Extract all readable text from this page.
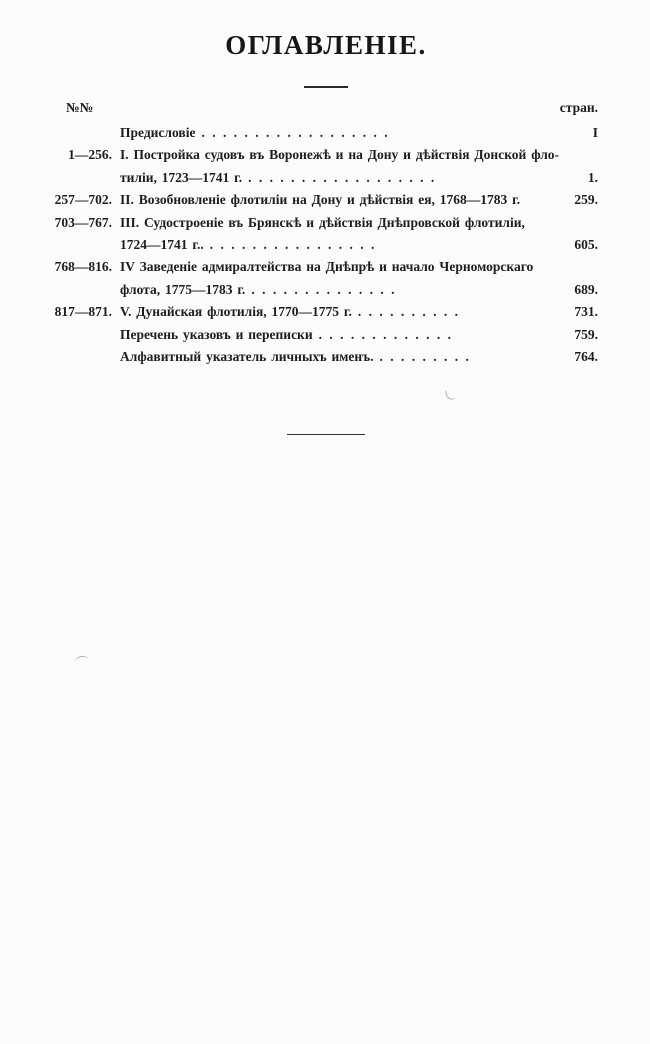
ОГЛАВЛЕНІЕ.
№№	стран.
Предисловіе . . . . . . . . . . . . . . . . . .	I
1—256. I. Постройка судовъ въ Воронежѣ и на Дону и дѣйствія Донской фло-
тиліи, 1723—1741 г. . . . . . . . . . . . . . . . . . .	1.
257—702. II. Возобновленіе флотиліи на Дону и дѣйствія ея, 1768—1783 г.	259.
703—767. III. Судостроеніе въ Брянскѣ и дѣйствія Днѣпровской флотиліи,
1724—1741 г.. . . . . . . . . . . . . . . . .	605.
768—816. IV Заведеніе адмиралтейства на Днѣпрѣ и начало Черноморскаго
флота, 1775—1783 г. . . . . . . . . . . . . . .	689.
817—871. V. Дунайская флотилія, 1770—1775 г. . . . . . . . . . .	731.
Перечень указовъ и переписки . . . . . . . . . . . . .	759.
Алфавитный указатель личныхъ именъ. . . . . . . . . .	764.
